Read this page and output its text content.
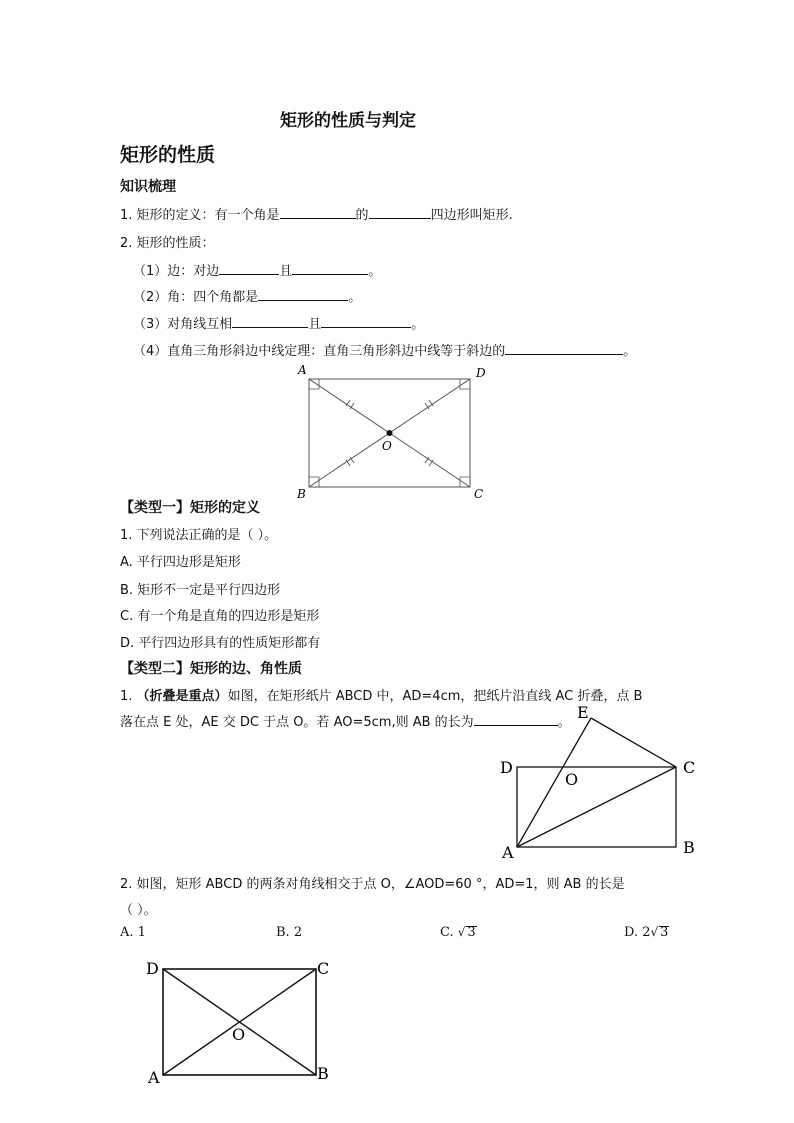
矩形的性质与判定
矩形的性质
知识梳理
1. 矩形的定义：有一个角是	的	四边形叫矩形.
2. 矩形的性质：
（1）边：对边	且	。
（2）角：四个角都是	。
（3）对角线互相	且	。
（4）直角三角形斜边中线定理：直角三角形斜边中线等于斜边的	。
A	D
B	C
O
【类型一】矩形的定义
1. 下列说法正确的是（ ）。
A. 平行四边形是矩形
B. 矩形不一定是平行四边形
C. 有一个角是直角的四边形是矩形
D. 平行四边形具有的性质矩形都有
【类型二】矩形的边、角性质
1. （折叠是重点）如图，在矩形纸片 ABCD 中，AD=4cm，把纸片沿直线 AC 折叠，点 B
落在点 E 处，AE 交 DC 于点 O。若 AO=5cm,则 AB 的长为	。
E
D	C
O
A	B
2. 如图，矩形 ABCD 的两条对角线相交于点 O，∠AOD=60 °，AD=1，则 AB 的长是
（ ）。
A. 1	B. 2	C. √ 3	D. 2√ 3
D	C
O
A	B
